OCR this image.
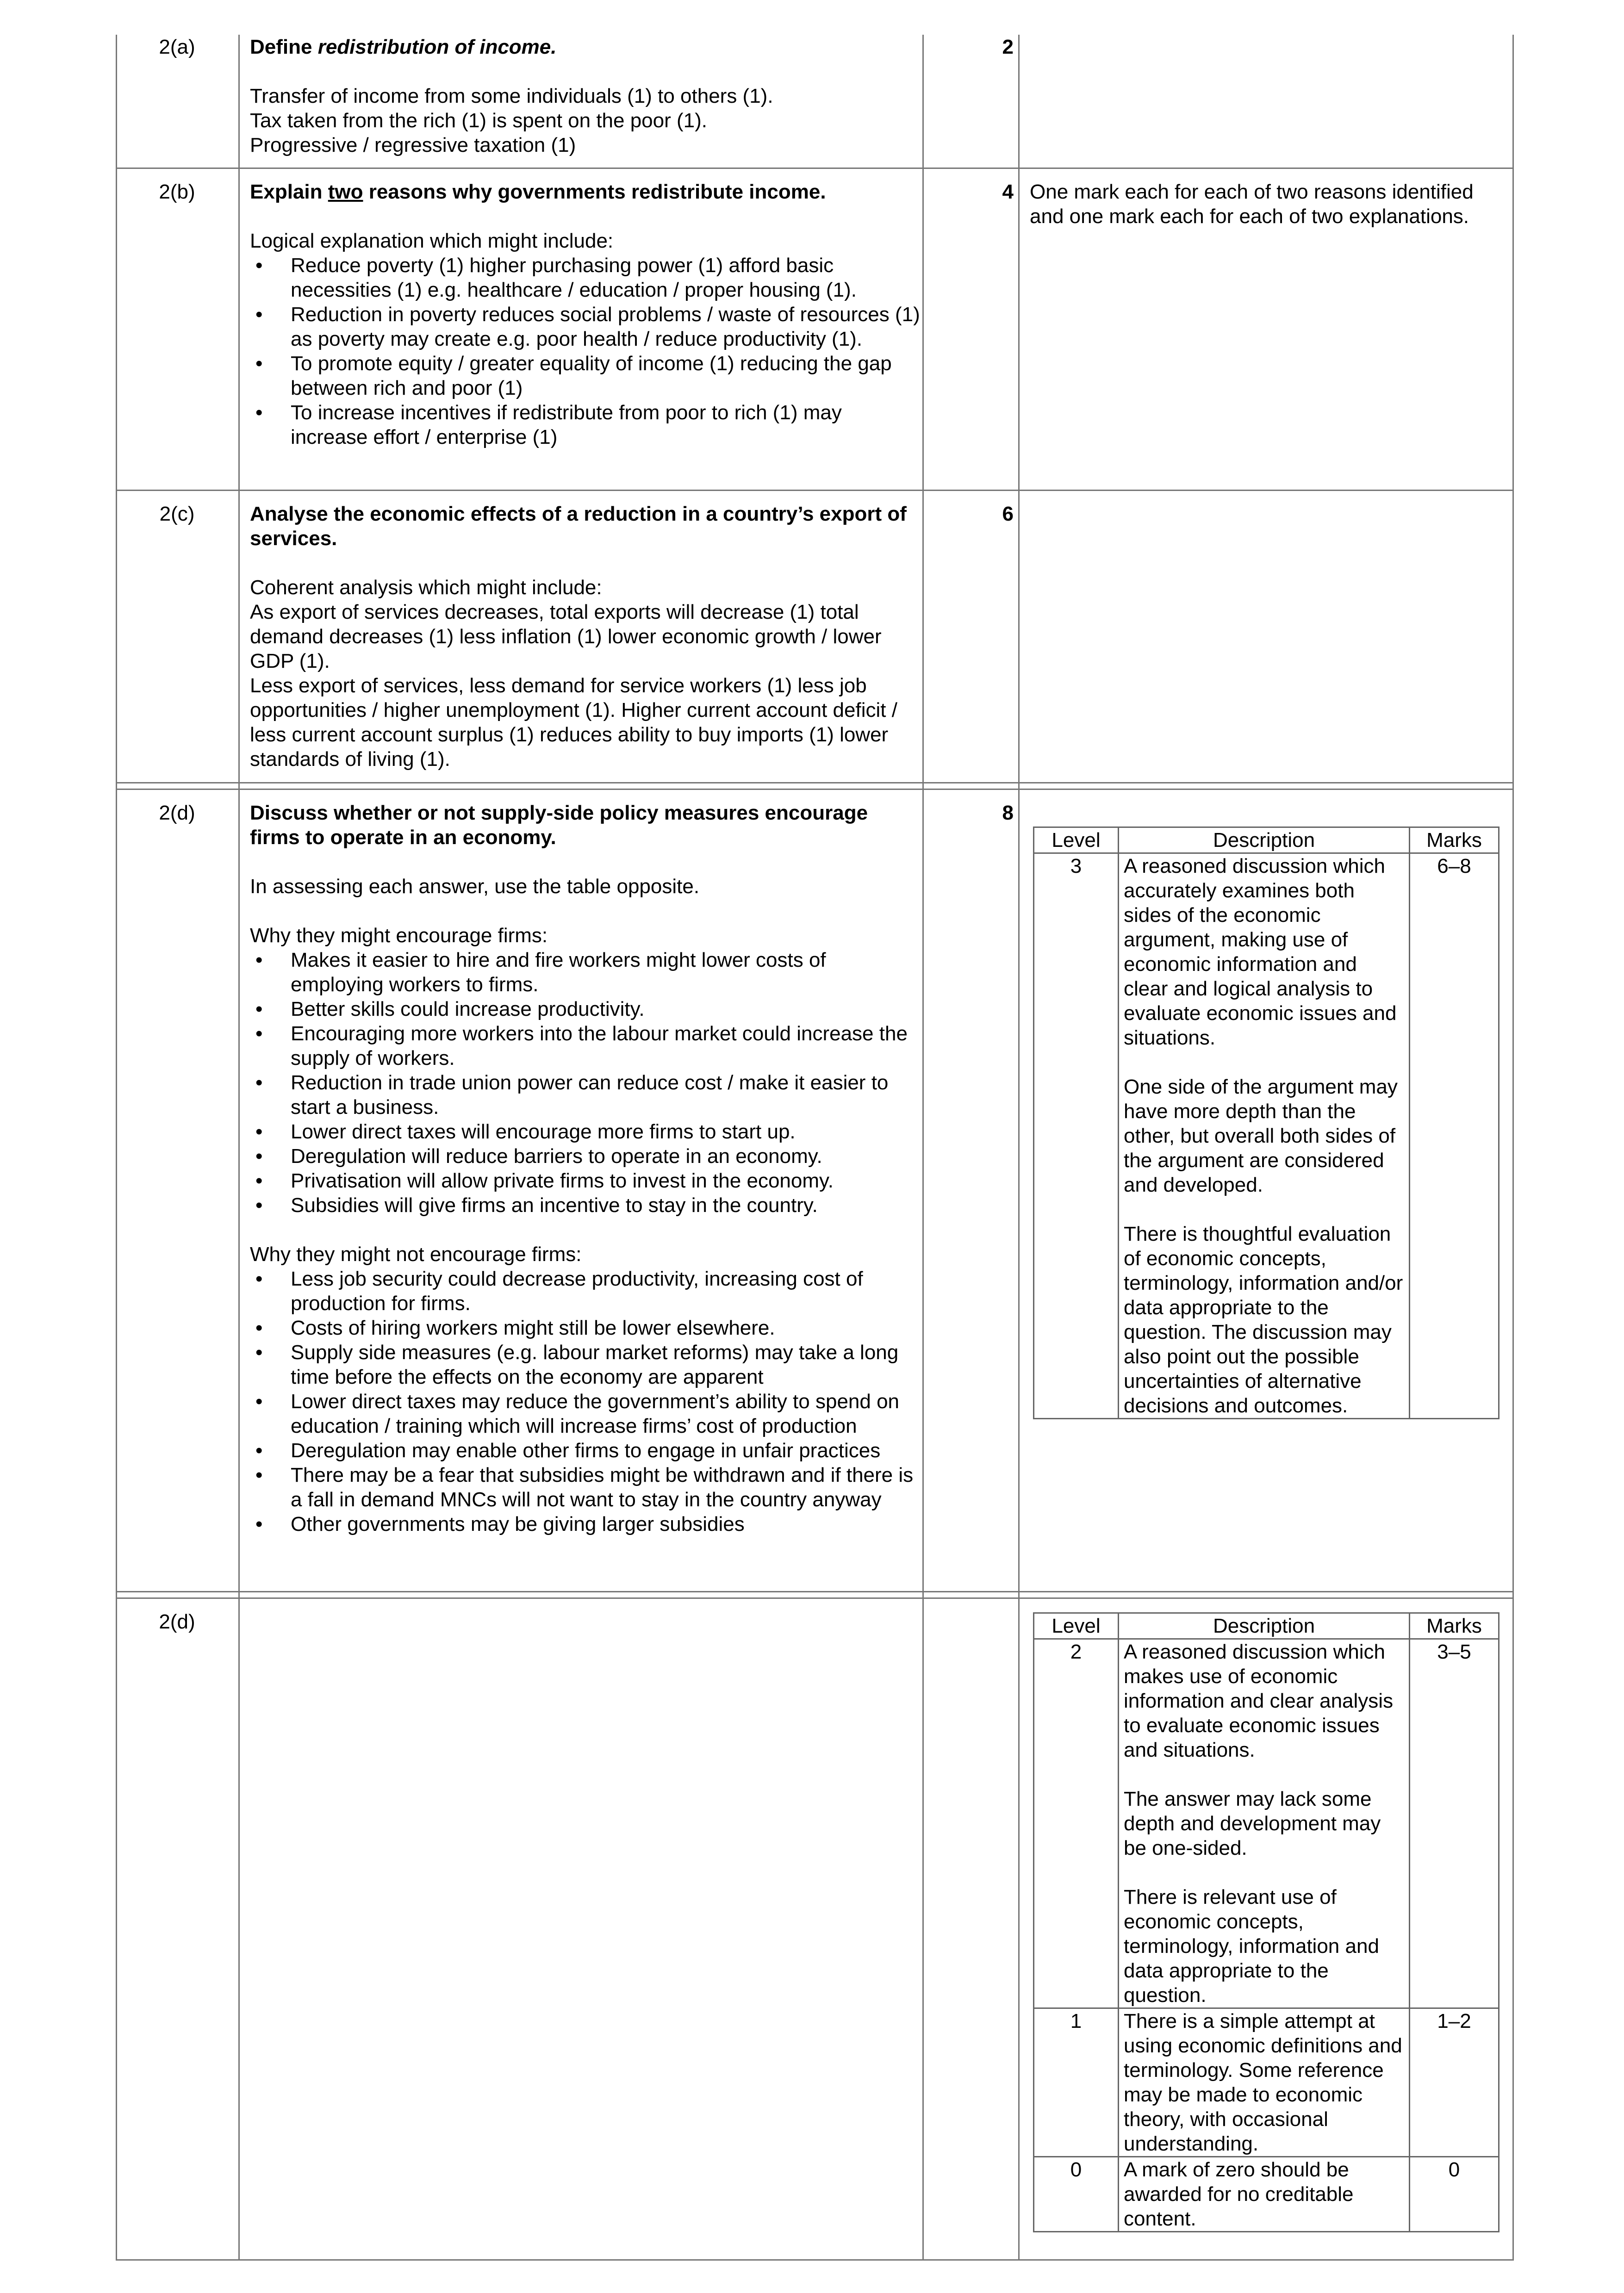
2(a)	Define redistribution of income.

Transfer of income from some individuals (1) to others (1).

Tax taken from the rich (1) is spent on the poor (1).

Progressive / regressive taxation (1)

2
2(b)	Explain two reasons why governments redistribute income.

Logical explanation which might include:

• Reduce poverty (1) higher purchasing power (1) afford basic necessities (1) e.g. healthcare / education / proper housing (1).
• Reduction in poverty reduces social problems / waste of resources (1) as poverty may create e.g. poor health / reduce productivity (1).
• To promote equity / greater equality of income (1) reducing the gap between rich and poor (1)
• To increase incentives if redistribute from poor to rich (1) may increase effort / enterprise (1)
4 One mark each for each of two reasons identified and one mark each for each of two explanations.
2(c)	Analyse the economic effects of a reduction in a country’s export of services.

Coherent analysis which might include:

As export of services decreases, total exports will decrease (1) total demand decreases (1) less inflation (1) lower economic growth / lower GDP (1).

Less export of services, less demand for service workers (1) less job opportunities / higher unemployment (1). Higher current account deficit / less current account surplus (1) reduces ability to buy imports (1) lower standards of living (1).

6
2(d)	Discuss whether or not supply-side policy measures encourage firms to operate in an economy.

In assessing each answer, use the table opposite.

Why they might encourage firms:

• Makes it easier to hire and fire workers might lower costs of employing workers to firms.
• Better skills could increase productivity.
• Encouraging more workers into the labour market could increase the supply of workers.
• Reduction in trade union power can reduce cost / make it easier to start a business.
• Lower direct taxes will encourage more firms to start up.
• Deregulation will reduce barriers to operate in an economy.
• Privatisation will allow private firms to invest in the economy.
• Subsidies will give firms an incentive to stay in the country.

Why they might not encourage firms:

• Less job security could decrease productivity, increasing cost of production for firms.
• Costs of hiring workers might still be lower elsewhere.
• Supply side measures (e.g. labour market reforms) may take a long time before the effects on the economy are apparent
• Lower direct taxes may reduce the government’s ability to spend on education / training which will increase firms’ cost of production
• Deregulation may enable other firms to engage in unfair practices
• There may be a fear that subsidies might be withdrawn and if there is a fall in demand MNCs will not want to stay in the country anyway
• Other governments may be giving larger subsidies
8
Level	Description	Marks
3	A reasoned discussion which accurately examines both sides of the economic argument, making use of economic information and clear and logical analysis to evaluate economic issues and situations.

One side of the argument may have more depth than the other, but overall both sides of the argument are considered and developed.

There is thoughtful evaluation of economic concepts, terminology, information and/or data appropriate to the question. The discussion may also point out the possible uncertainties of alternative decisions and outcomes.	6–8
2(d)	Level	Description	Marks
2	A reasoned discussion which makes use of economic information and clear analysis to evaluate economic issues and situations.

The answer may lack some depth and development may be one-sided.

There is relevant use of economic concepts, terminology, information and data appropriate to the question.	3–5
1	There is a simple attempt at using economic definitions and terminology. Some reference may be made to economic theory, with occasional understanding.	1–2
0	A mark of zero should be awarded for no creditable content.	0
